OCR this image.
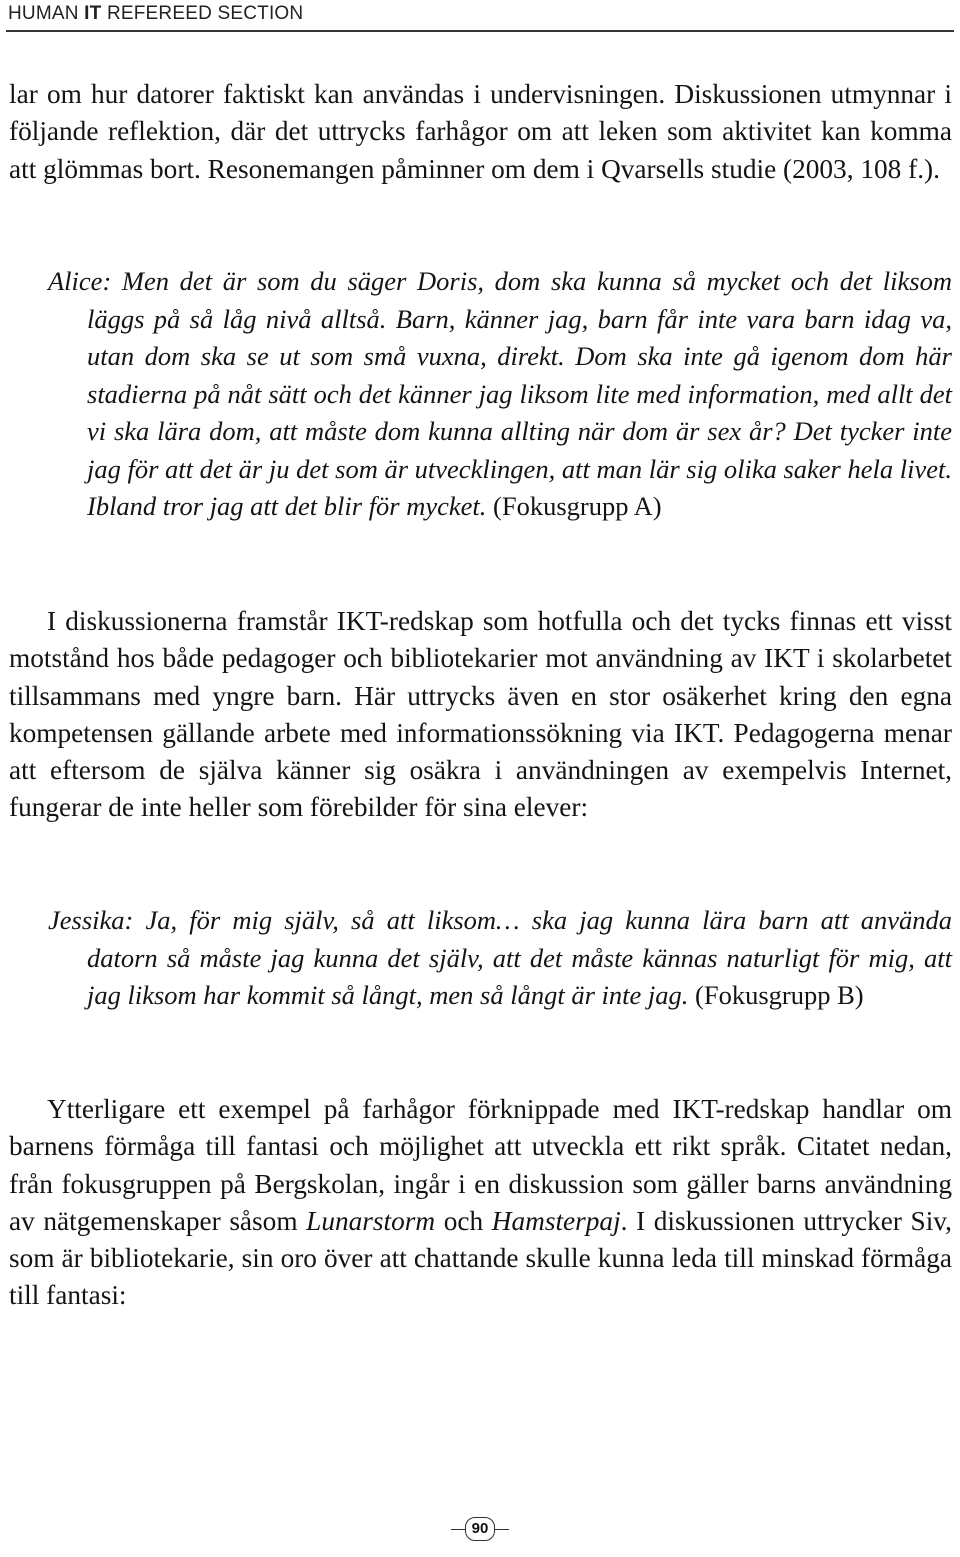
HUMAN IT REFEREED SECTION

lar om hur datorer faktiskt kan användas i undervisningen. Diskussionen utmynnar i följande reflektion, där det uttrycks farhågor om att leken som aktivitet kan komma att glömmas bort. Resonemangen påminner om dem i Qvarsells studie (2003, 108 f.).

Alice: Men det är som du säger Doris, dom ska kunna så mycket och det liksom läggs på så låg nivå alltså. Barn, känner jag, barn får inte vara barn idag va, utan dom ska se ut som små vuxna, direkt. Dom ska inte gå igenom dom här stadierna på nåt sätt och det känner jag liksom lite med information, med allt det vi ska lära dom, att måste dom kunna allting när dom är sex år? Det tycker inte jag för att det är ju det som är utvecklingen, att man lär sig olika saker hela livet. Ibland tror jag att det blir för mycket. (Fokusgrupp A)

I diskussionerna framstår IKT-redskap som hotfulla och det tycks finnas ett visst motstånd hos både pedagoger och bibliotekarier mot användning av IKT i skolarbetet tillsammans med yngre barn. Här uttrycks även en stor osäkerhet kring den egna kompetensen gällande arbete med informationssökning via IKT. Pedagogerna menar att eftersom de själva känner sig osäkra i användningen av exempelvis Internet, fungerar de inte heller som förebilder för sina elever:

Jessika: Ja, för mig själv, så att liksom… ska jag kunna lära barn att använda datorn så måste jag kunna det själv, att det måste kännas naturligt för mig, att jag liksom har kommit så långt, men så långt är inte jag. (Fokusgrupp B)

Ytterligare ett exempel på farhågor förknippade med IKT-redskap handlar om barnens förmåga till fantasi och möjlighet att utveckla ett rikt språk. Citatet nedan, från fokusgruppen på Bergskolan, ingår i en diskussion som gäller barns användning av nätgemenskaper såsom Lunarstorm och Hamsterpaj. I diskussionen uttrycker Siv, som är bibliotekarie, sin oro över att chattande skulle kunna leda till minskad förmåga till fantasi:

90
